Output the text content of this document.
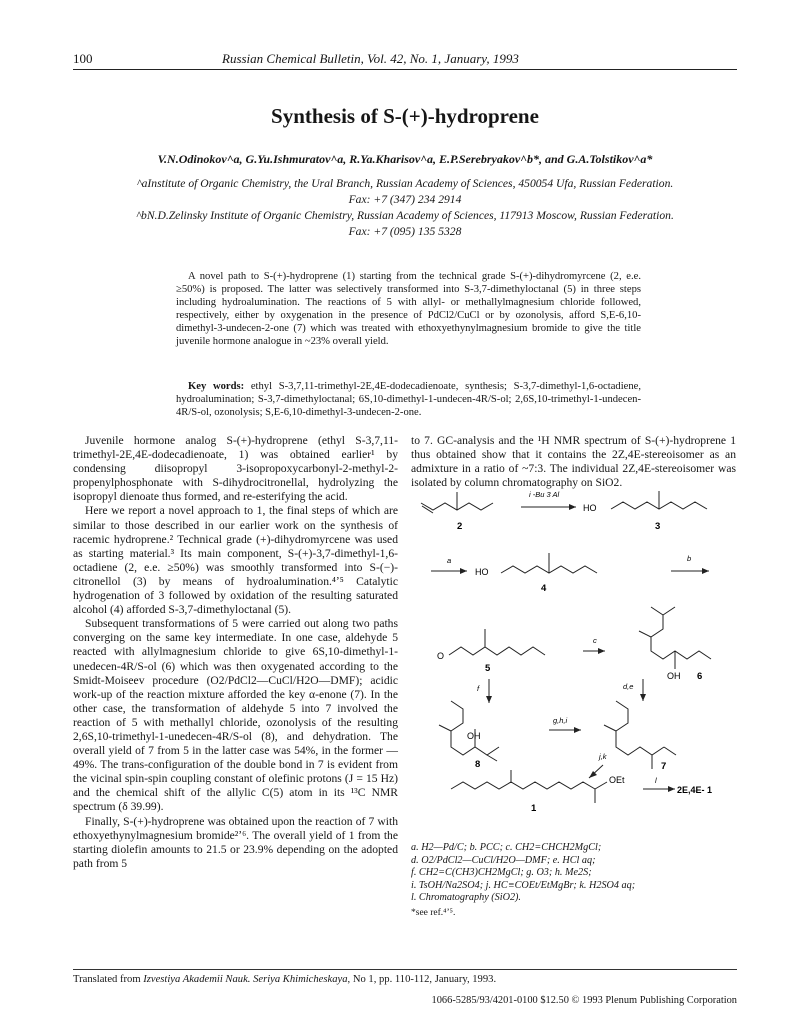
100	Russian Chemical Bulletin, Vol. 42, No. 1, January, 1993
Synthesis of S-(+)-hydroprene
V.N.Odinokov^a, G.Yu.Ishmuratov^a, R.Ya.Kharisov^a, E.P.Serebryakov^b*, and G.A.Tolstikov^a*
^aInstitute of Organic Chemistry, the Ural Branch, Russian Academy of Sciences, 450054 Ufa, Russian Federation.
Fax: +7 (347) 234 2914
^bN.D.Zelinsky Institute of Organic Chemistry, Russian Academy of Sciences, 117913 Moscow, Russian Federation.
Fax: +7 (095) 135 5328

A novel path to S-(+)-hydroprene (1) starting from the technical grade S-(+)-dihydromyrcene (2, e.e. ≥50%) is proposed. The latter was selectively transformed into S-3,7-dimethyloctanal (5) in three steps including hydroalumination. The reactions of 5 with allyl- or methallylmagnesium chloride followed, respectively, either by oxygenation in the presence of PdCl2/CuCl or by ozonolysis, afford S,E-6,10-dimethyl-3-undecen-2-one (7) which was treated with ethoxyethynylmagnesium bromide to give the title juvenile hormone analogue in ~23% overall yield.

Key words: ethyl S-3,7,11-trimethyl-2E,4E-dodecadienoate, synthesis; S-3,7-dimethyl-1,6-octadiene, hydroalumination; S-3,7-dimethyloctanal; 6S,10-dimethyl-1-undecen-4R/S-ol; 2,6S,10-trimethyl-1-undecen-4R/S-ol, ozonolysis; S,E-6,10-dimethyl-3-undecen-2-one.

Juvenile hormone analog S-(+)-hydroprene (ethyl S-3,7,11-trimethyl-2E,4E-dodecadienoate, 1) was obtained earlier¹ by condensing diisopropyl 3-isopropoxycarbonyl-2-methyl-2-propenylphosphonate with S-dihydrocitronellal, hydrolyzing the isopropyl dienoate thus formed, and re-esterifying the acid.

Here we report a novel approach to 1, the final steps of which are similar to those described in our earlier work on the synthesis of racemic hydroprene.² Technical grade (+)-dihydromyrcene was used as starting material.³ Its main component, S-(+)-3,7-dimethyl-1,6-octadiene (2, e.e. ≥50%) was smoothly transformed into S-(−)-citronellol (3) by means of hydroalumination.⁴ʼ⁵ Catalytic hydrogenation of 3 followed by oxidation of the resulting saturated alcohol (4) afforded S-3,7-dimethyloctanal (5).

Subsequent transformations of 5 were carried out along two paths converging on the same key intermediate. In one case, aldehyde 5 reacted with allylmagnesium chloride to give 6S,10-dimethyl-1-unedecen-4R/S-ol (6) which was then oxygenated according to the Smidt-Moiseev procedure (O2/PdCl2—CuCl/H2O—DMF); acidic work-up of the reaction mixture afforded the key α-enone (7). In the other case, the transformation of aldehyde 5 into 7 involved the reaction of 5 with methallyl chloride, ozonolysis of the resulting 2,6S,10-trimethyl-1-unedecen-4R/S-ol (8), and dehydration. The overall yield of 7 from 5 in the latter case was 54%, in the former — 49%. The trans-configuration of the double bond in 7 is evident from the vicinal spin-spin coupling constant of olefinic protons (J = 15 Hz) and the chemical shift of the allylic C(5) atom in its ¹³C NMR spectrum (δ 39.99).

Finally, S-(+)-hydroprene was obtained upon the reaction of 7 with ethoxyethynylmagnesium bromide²ʼ⁶. The overall yield of 1 from the starting diolefin amounts to 21.5 or 23.9% depending on the adopted path from 5

to 7. GC-analysis and the ¹H NMR spectrum of S-(+)-hydroprene 1 thus obtained show that it contains the 2Z,4E-stereoisomer as an admixture in a ratio of ~7:3. The individual 2Z,4E-stereoisomer was isolated by column chromatography on SiO2.
i -Bu 3 Al
HO
2	3
a
HO
4
b
O
5
c
OH 6
f	d,e
OH
8
g,h,i
j,k
7
OEt	l
2E,4E- 1
1
a. H2—Pd/C; b. PCC; c. CH2=CHCH2MgCl;
d. O2/PdCl2—CuCl/H2O—DMF; e. HCl aq;
f. CH2=C(CH3)CH2MgCl; g. O3; h. Me2S;
i. TsOH/Na2SO4; j. HC≡COEt/EtMgBr; k. H2SO4 aq;
l. Chromatography (SiO2).
*see ref.⁴ʼ⁵.
Translated from Izvestiya Akademii Nauk. Seriya Khimicheskaya, No 1, pp. 110-112, January, 1993.
1066-5285/93/4201-0100 $12.50 © 1993 Plenum Publishing Corporation
